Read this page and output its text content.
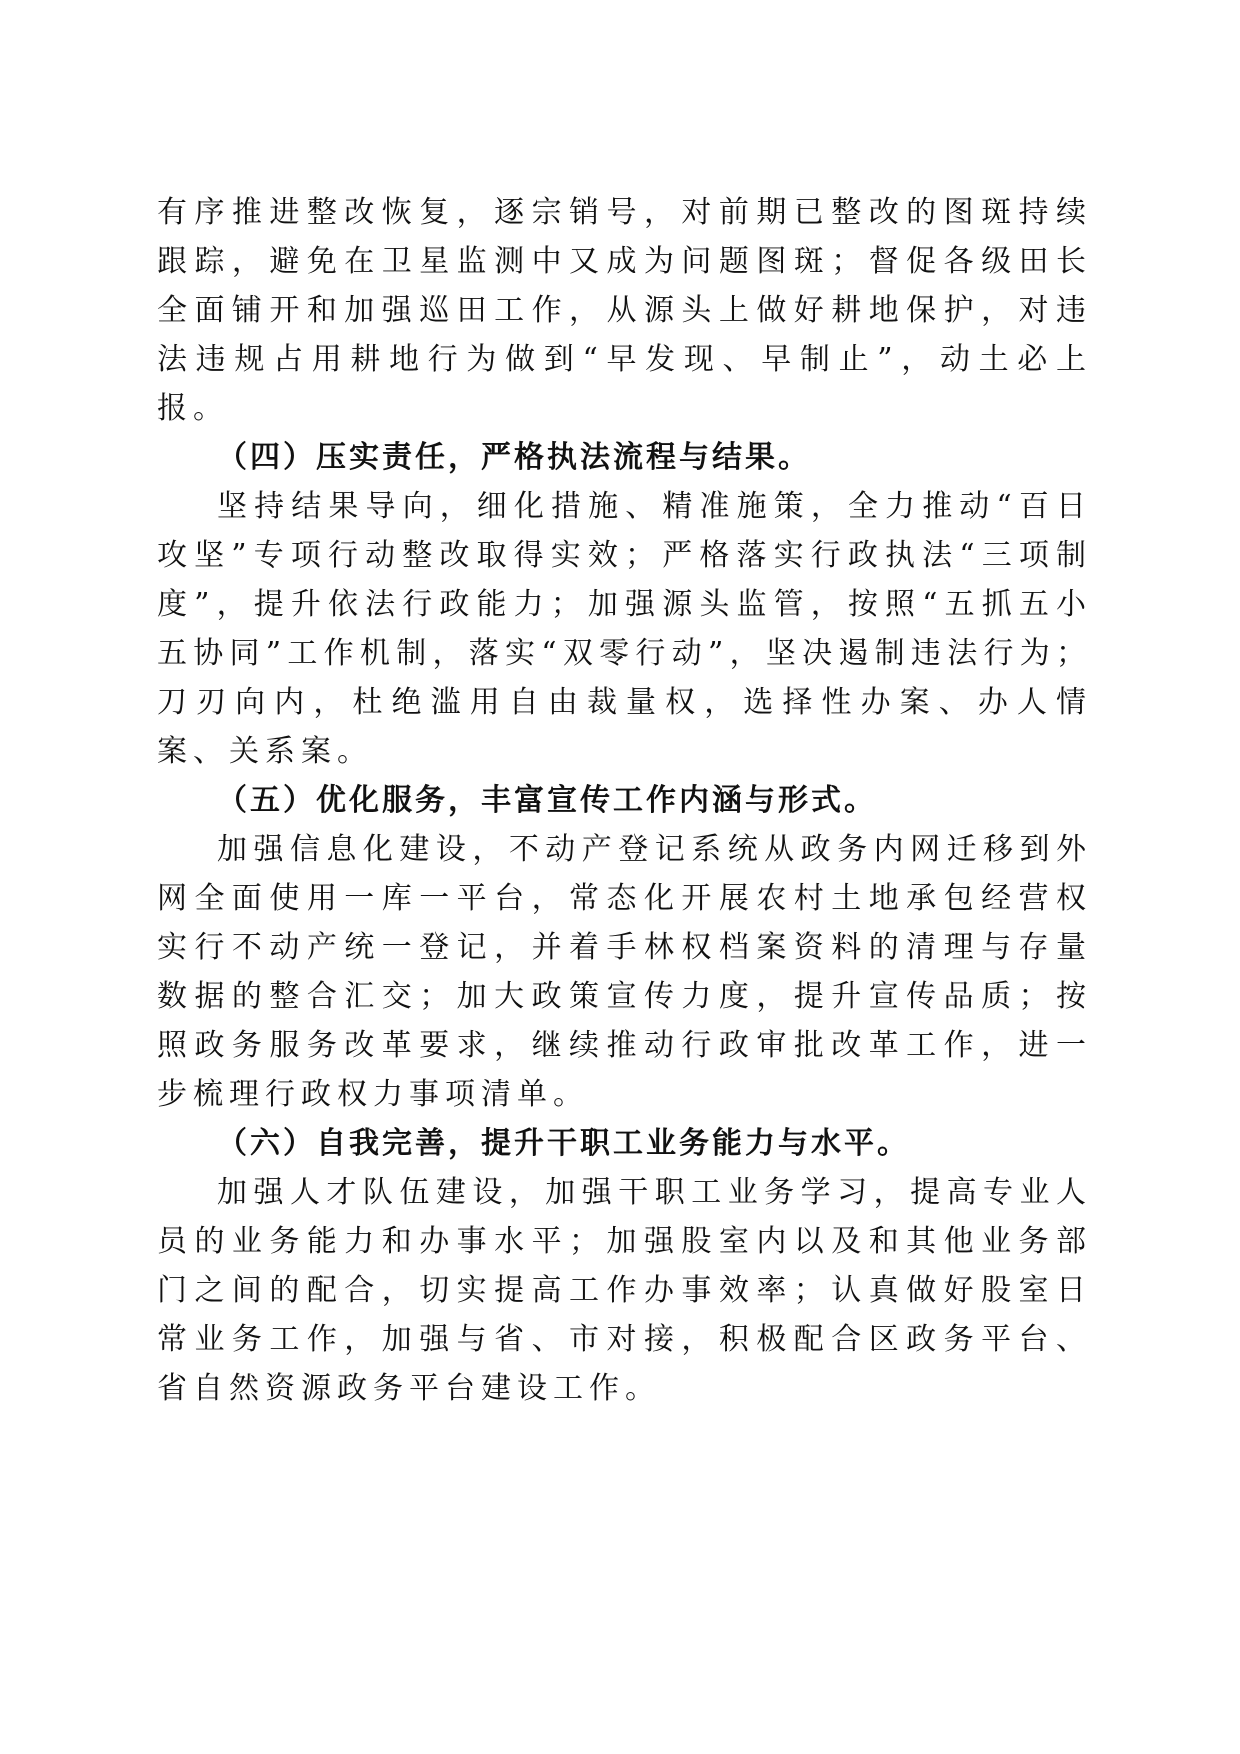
有序推进整改恢复，逐宗销号，对前期已整改的图斑持续跟踪，避免在卫星监测中又成为问题图斑；督促各级田长全面铺开和加强巡田工作，从源头上做好耕地保护，对违法违规占用耕地行为做到“早发现、早制止”，动土必上报。

（四）压实责任，严格执法流程与结果。

坚持结果导向，细化措施、精准施策，全力推动“百日攻坚”专项行动整改取得实效；严格落实行政执法“三项制度”，提升依法行政能力；加强源头监管，按照“五抓五小五协同”工作机制，落实“双零行动”，坚决遏制违法行为；刀刃向内，杜绝滥用自由裁量权，选择性办案、办人情案、关系案。

（五）优化服务，丰富宣传工作内涵与形式。

加强信息化建设，不动产登记系统从政务内网迁移到外网全面使用一库一平台，常态化开展农村土地承包经营权实行不动产统一登记，并着手林权档案资料的清理与存量数据的整合汇交；加大政策宣传力度，提升宣传品质；按照政务服务改革要求，继续推动行政审批改革工作，进一步梳理行政权力事项清单。

（六）自我完善，提升干职工业务能力与水平。

加强人才队伍建设，加强干职工业务学习，提高专业人员的业务能力和办事水平；加强股室内以及和其他业务部门之间的配合，切实提高工作办事效率；认真做好股室日常业务工作，加强与省、市对接，积极配合区政务平台、省自然资源政务平台建设工作。
